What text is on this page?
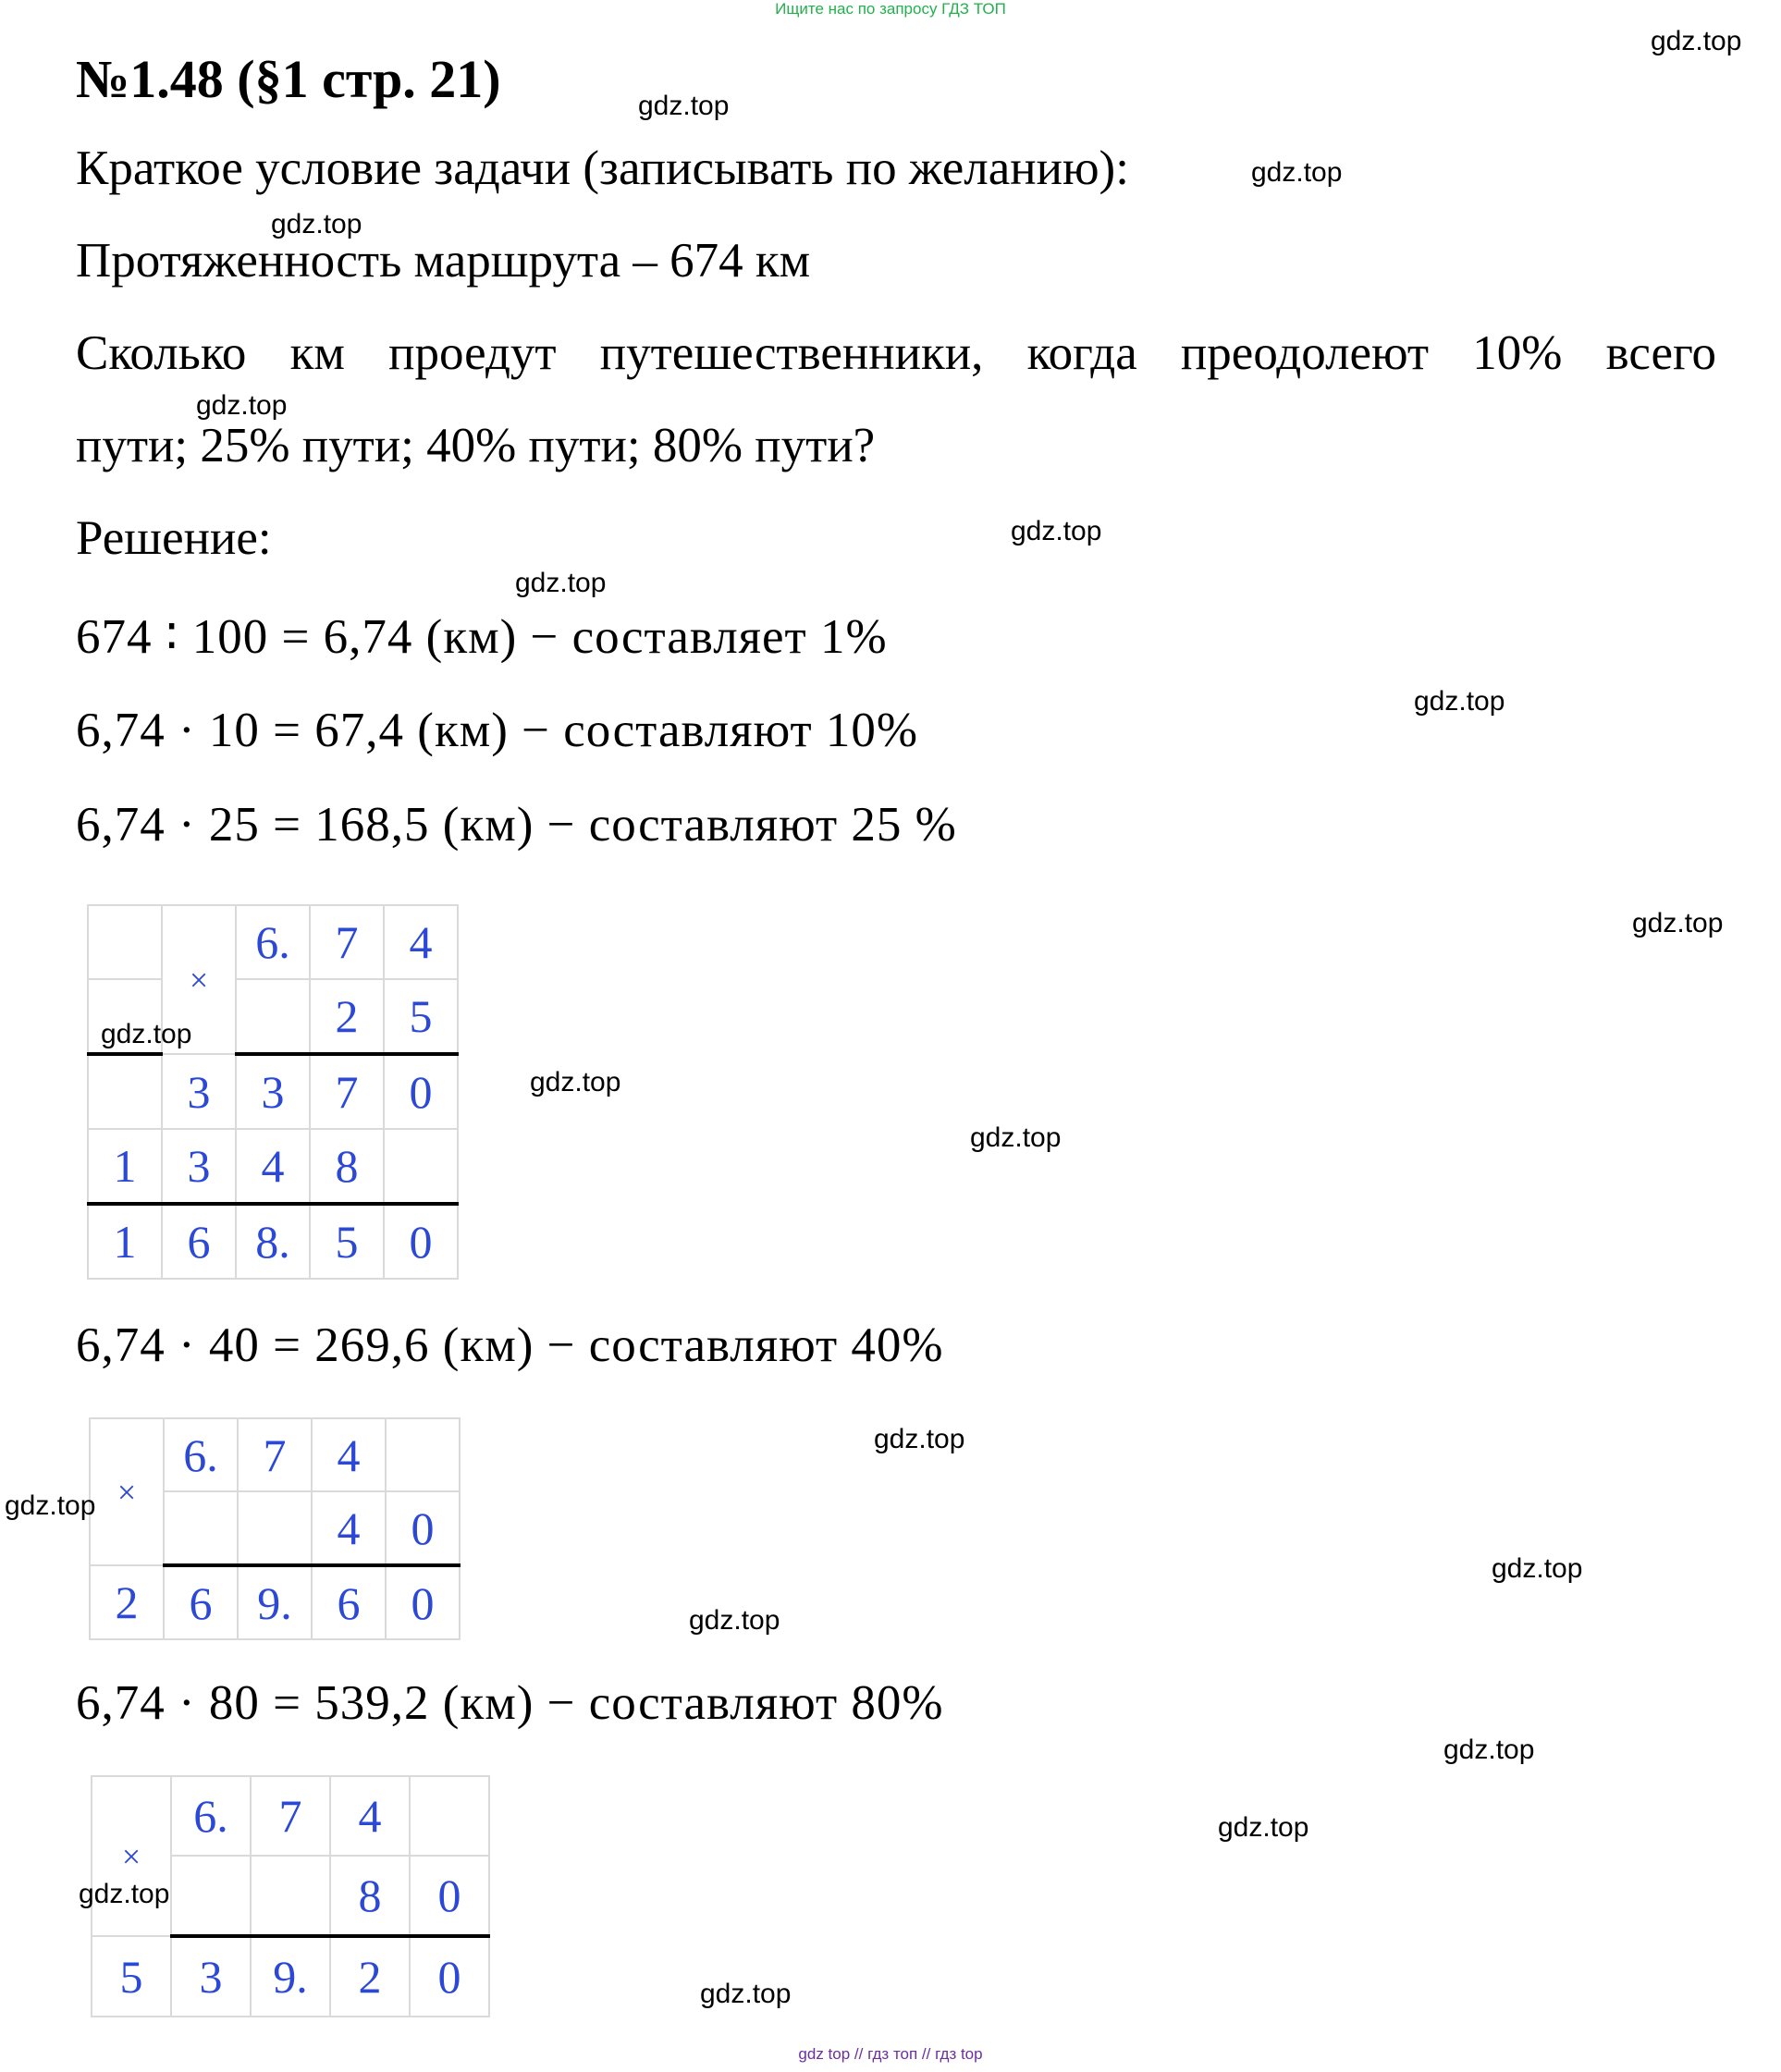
Ищите нас по запросу ГДЗ ТОП
№1.48 (§1 стр. 21)
Краткое условие задачи (записывать по желанию):
Протяженность маршрута – 674 км
Сколько км проедут путешественники, когда преодолеют 10% всего
пути; 25% пути; 40% пути; 80% пути?
Решение:
674 ∶ 100 = 6,74 (км) − составляет 1%
6,74 · 10 = 67,4 (км) − составляют 10%
6,74 · 25 = 168,5 (км) − составляют 25 %
	×	6.	7	4
			2	5
	3	3	7	0
1	3	4	8	
1	6	8.	5	0
6,74 · 40 = 269,6 (км) − составляют 40%
×	6.	7	4	
			4	0
2	6	9.	6	0
6,74 · 80 = 539,2 (км) − составляют 80%
×	6.	7	4	
			8	0
5	3	9.	2	0
gdz.top
gdz.top
gdz.top
gdz.top
gdz.top
gdz.top
gdz.top
gdz.top
gdz.top
gdz.top
gdz.top
gdz.top
gdz.top
gdz.top
gdz.top
gdz.top
gdz.top
gdz.top
gdz.top
gdz.top
gdz top // гдз топ // гдз top
